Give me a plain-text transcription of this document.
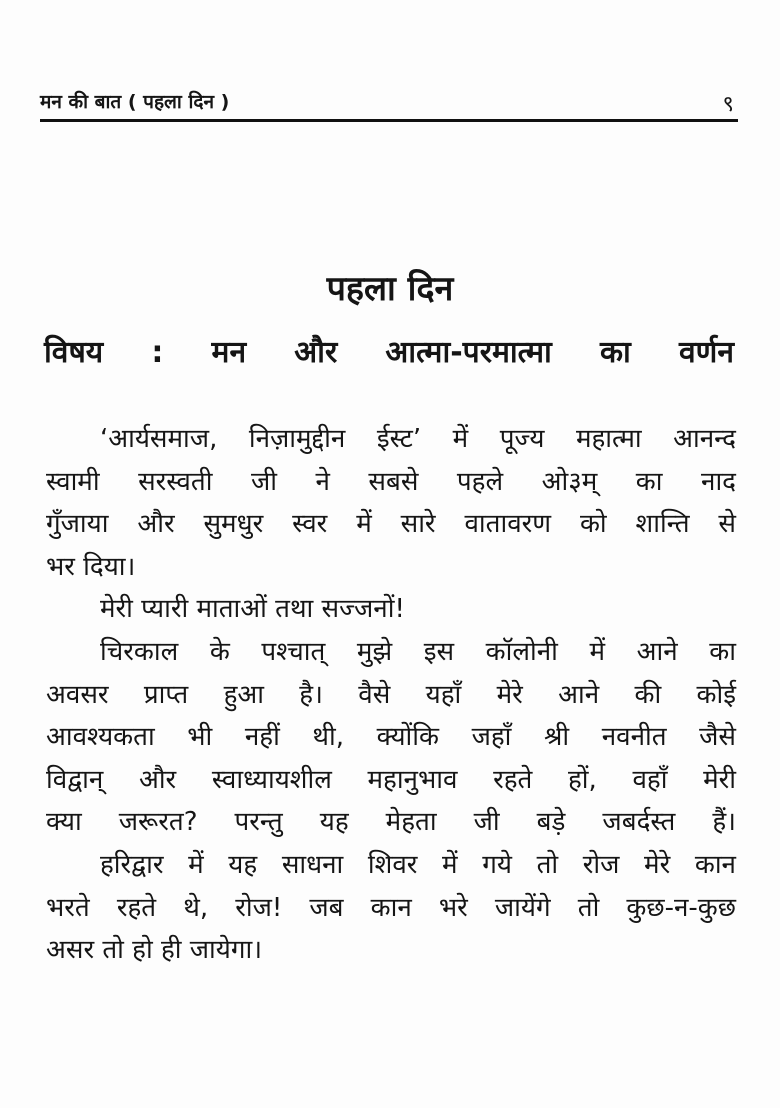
मन की बात ( पहला दिन )	९
पहला दिन
विषय : मन और आत्मा-परमात्मा का वर्णन
‘आर्यसमाज, निज़ामुद्दीन ईस्ट’ में पूज्य महात्मा आनन्द
स्वामी सरस्वती जी ने सबसे पहले ओ३म् का नाद
गुँजाया और सुमधुर स्वर में सारे वातावरण को शान्ति से
भर दिया।
मेरी प्यारी माताओं तथा सज्जनों!
चिरकाल के पश्चात् मुझे इस कॉलोनी में आने का
अवसर प्राप्त हुआ है। वैसे यहाँ मेरे आने की कोई
आवश्यकता भी नहीं थी, क्योंकि जहाँ श्री नवनीत जैसे
विद्वान् और स्वाध्यायशील महानुभाव रहते हों, वहाँ मेरी
क्या जरूरत? परन्तु यह मेहता जी बड़े जबर्दस्त हैं।
हरिद्वार में यह साधना शिवर में गये तो रोज मेरे कान
भरते रहते थे, रोज! जब कान भरे जायेंगे तो कुछ-न-कुछ
असर तो हो ही जायेगा।
